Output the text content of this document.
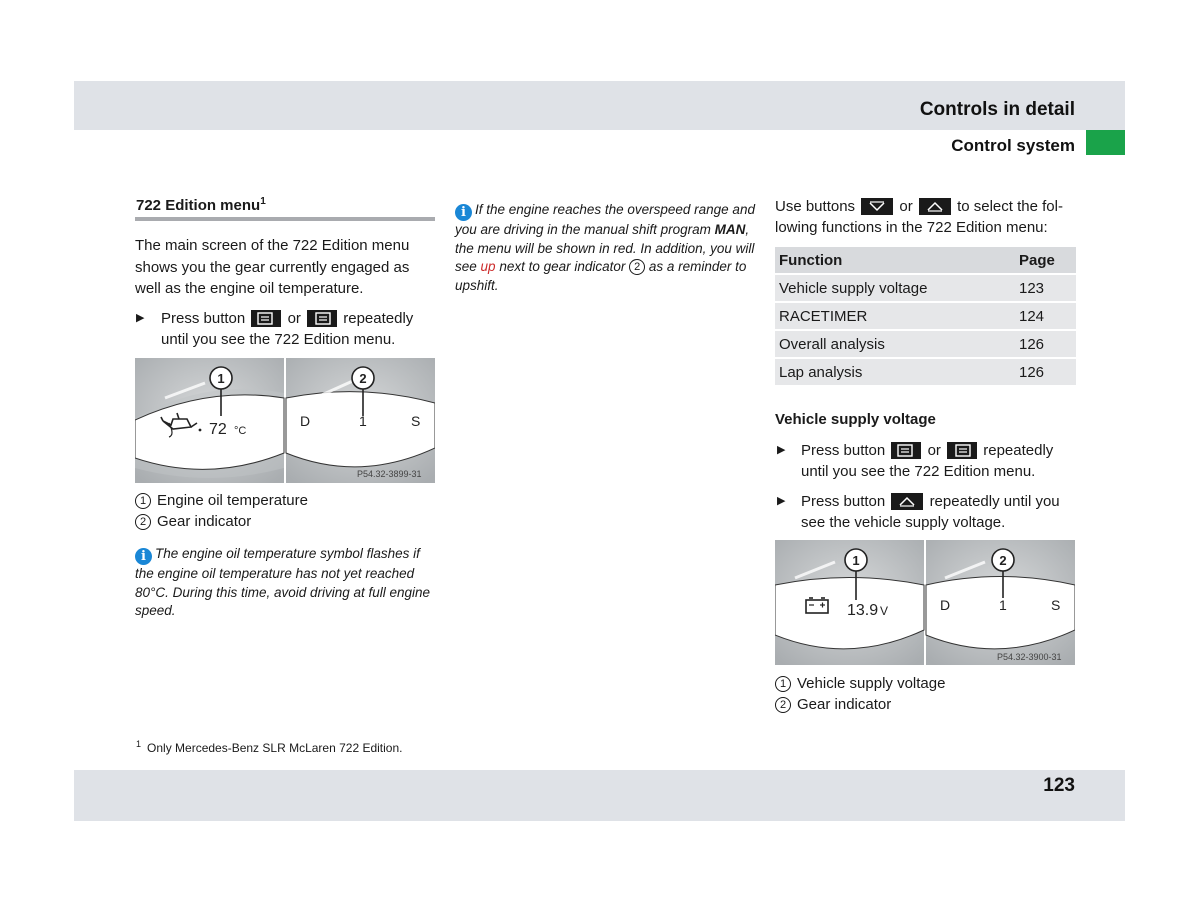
Controls in detail
Control system
123
722 Edition menu$^1$
The main screen of the 722 Edition menu shows you the gear currently engaged as well as the engine oil temperature.
▶ Press button	or	repeatedly
until you see the 722 Edition menu.
1
72 °C
2
D	1	S
P54.32-3899-31
1 Engine oil temperature
2 Gear indicator
i The engine oil temperature symbol flashes if the engine oil temperature has not yet reached 80°C. During this time, avoid driving at full engine speed.
$^1$ Only Mercedes-Benz SLR McLaren 722 Edition.
i If the engine reaches the overspeed range and you are driving in the manual shift program MAN, the menu will be shown in red. In addition, you will see up next to gear indicator 2 as a reminder to upshift.
Use buttons	or	to select the fol-
lowing functions in the 722 Edition menu:
Function	Page
Vehicle supply voltage	123
RACETIMER	124
Overall analysis	126
Lap analysis	126
Vehicle supply voltage
▶ Press button	or	repeatedly
until you see the 722 Edition menu.
▶ Press button	repeatedly until you
see the vehicle supply voltage.
1
13.9 V
2
D	1	S
P54.32-3900-31
1 Vehicle supply voltage
2 Gear indicator
